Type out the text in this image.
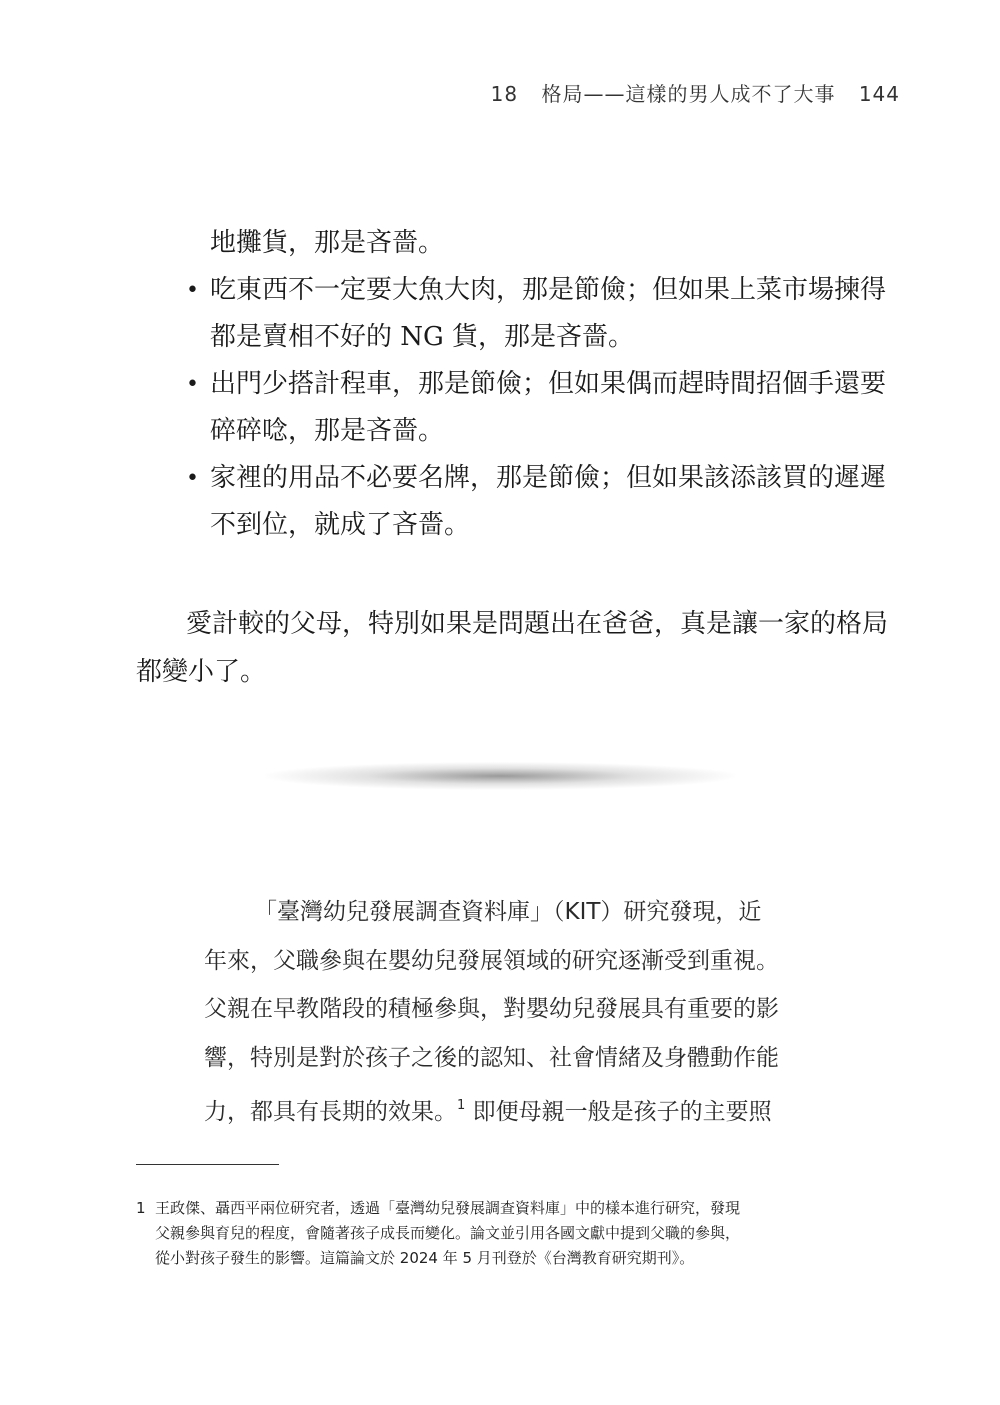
18 格局——這樣的男人成不了大事 144
地攤貨，那是吝嗇。
• 吃東西不一定要大魚大肉，那是節儉；但如果上菜市場揀得
都是賣相不好的 NG 貨，那是吝嗇。
• 出門少搭計程車，那是節儉；但如果偶而趕時間招個手還要
碎碎唸，那是吝嗇。
• 家裡的用品不必要名牌，那是節儉；但如果該添該買的遲遲
不到位，就成了吝嗇。
愛計較的父母，特別如果是問題出在爸爸，真是讓一家的格局
都變小了。
「臺灣幼兒發展調查資料庫」（KIT）研究發現，近
年來，父職參與在嬰幼兒發展領域的研究逐漸受到重視。
父親在早教階段的積極參與，對嬰幼兒發展具有重要的影
響，特別是對於孩子之後的認知、社會情緒及身體動作能
力，都具有長期的效果。$^1$ 即便母親一般是孩子的主要照
1 王政傑、聶西平兩位研究者，透過「臺灣幼兒發展調查資料庫」中的樣本進行研究，發現
父親參與育兒的程度，會隨著孩子成長而變化。論文並引用各國文獻中提到父職的參與，
從小對孩子發生的影響。這篇論文於 2024 年 5 月刊登於《台灣教育研究期刊》。
